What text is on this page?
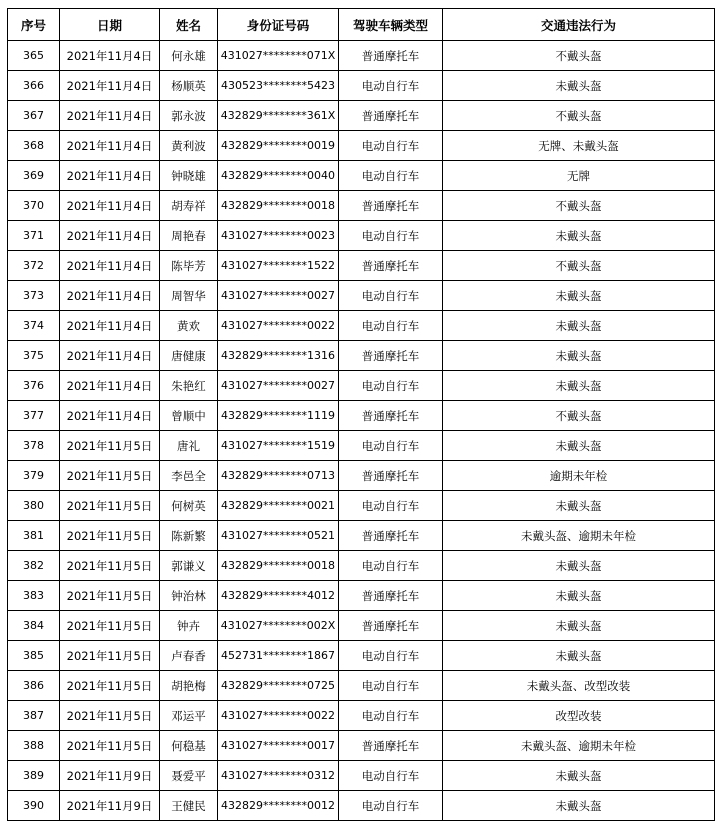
序号	日期	姓名	身份证号码	驾驶车辆类型	交通违法行为
365	2021年11月4日	何永雄	431027********071X	普通摩托车	不戴头盔
366	2021年11月4日	杨顺英	430523********5423	电动自行车	未戴头盔
367	2021年11月4日	郭永波	432829********361X	普通摩托车	不戴头盔
368	2021年11月4日	黄利波	432829********0019	电动自行车	无牌、未戴头盔
369	2021年11月4日	钟晓雄	432829********0040	电动自行车	无牌
370	2021年11月4日	胡寿祥	432829********0018	普通摩托车	不戴头盔
371	2021年11月4日	周艳春	431027********0023	电动自行车	未戴头盔
372	2021年11月4日	陈毕芳	431027********1522	普通摩托车	不戴头盔
373	2021年11月4日	周智华	431027********0027	电动自行车	未戴头盔
374	2021年11月4日	黄欢	431027********0022	电动自行车	未戴头盔
375	2021年11月4日	唐健康	432829********1316	普通摩托车	未戴头盔
376	2021年11月4日	朱艳红	431027********0027	电动自行车	未戴头盔
377	2021年11月4日	曾顺中	432829********1119	普通摩托车	不戴头盔
378	2021年11月5日	唐礼	431027********1519	电动自行车	未戴头盔
379	2021年11月5日	李邑全	432829********0713	普通摩托车	逾期未年检
380	2021年11月5日	何树英	432829********0021	电动自行车	未戴头盔
381	2021年11月5日	陈新繁	431027********0521	普通摩托车	未戴头盔、逾期未年检
382	2021年11月5日	郭谦义	432829********0018	电动自行车	未戴头盔
383	2021年11月5日	钟治林	432829********4012	普通摩托车	未戴头盔
384	2021年11月5日	钟卉	431027********002X	普通摩托车	未戴头盔
385	2021年11月5日	卢春香	452731********1867	电动自行车	未戴头盔
386	2021年11月5日	胡艳梅	432829********0725	电动自行车	未戴头盔、改型改装
387	2021年11月5日	邓运平	431027********0022	电动自行车	改型改装
388	2021年11月5日	何稳基	431027********0017	普通摩托车	未戴头盔、逾期未年检
389	2021年11月9日	聂爱平	431027********0312	电动自行车	未戴头盔
390	2021年11月9日	王健民	432829********0012	电动自行车	未戴头盔
